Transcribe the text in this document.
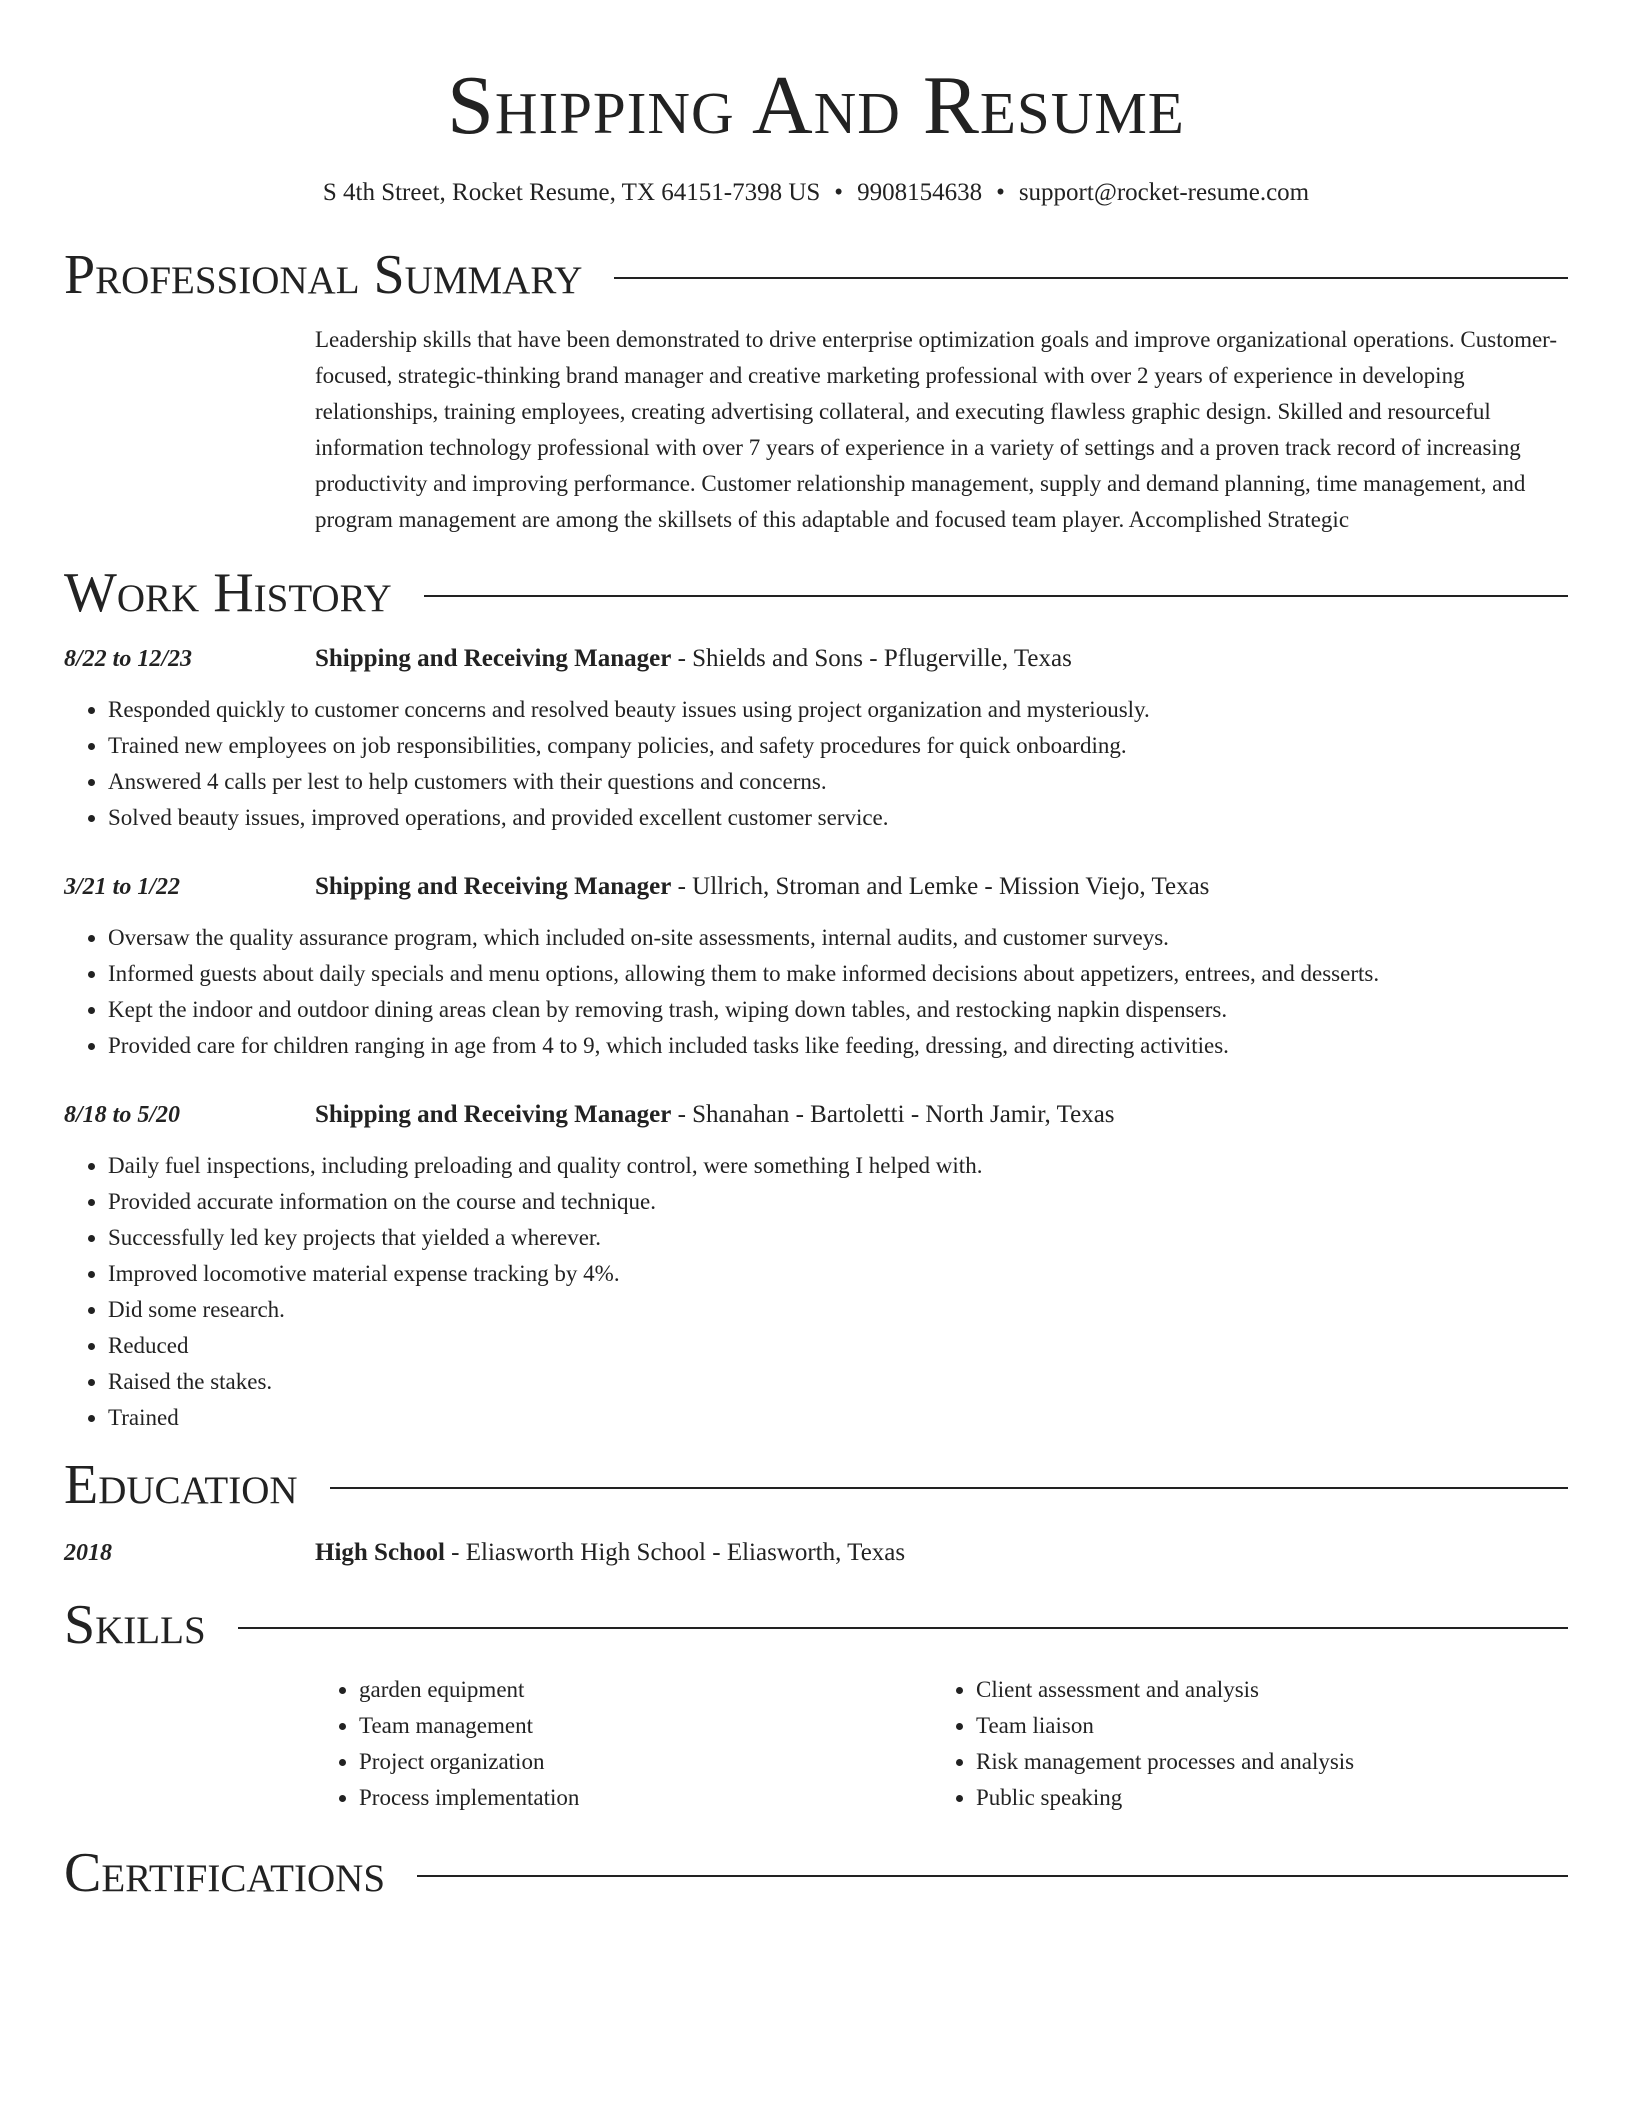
Shipping And Resume
S 4th Street, Rocket Resume, TX 64151-7398 US • 9908154638 • support@rocket-resume.com
Professional Summary
Leadership skills that have been demonstrated to drive enterprise optimization goals and improve organizational operations. Customer-focused, strategic-thinking brand manager and creative marketing professional with over 2 years of experience in developing relationships, training employees, creating advertising collateral, and executing flawless graphic design. Skilled and resourceful information technology professional with over 7 years of experience in a variety of settings and a proven track record of increasing productivity and improving performance. Customer relationship management, supply and demand planning, time management, and program management are among the skillsets of this adaptable and focused team player. Accomplished Strategic
Work History
8/22 to 12/23	Shipping and Receiving Manager - Shields and Sons - Pflugerville, Texas
• Responded quickly to customer concerns and resolved beauty issues using project organization and mysteriously.
• Trained new employees on job responsibilities, company policies, and safety procedures for quick onboarding.
• Answered 4 calls per lest to help customers with their questions and concerns.
• Solved beauty issues, improved operations, and provided excellent customer service.
3/21 to 1/22	Shipping and Receiving Manager - Ullrich, Stroman and Lemke - Mission Viejo, Texas
• Oversaw the quality assurance program, which included on-site assessments, internal audits, and customer surveys.
• Informed guests about daily specials and menu options, allowing them to make informed decisions about appetizers, entrees, and desserts.
• Kept the indoor and outdoor dining areas clean by removing trash, wiping down tables, and restocking napkin dispensers.
• Provided care for children ranging in age from 4 to 9, which included tasks like feeding, dressing, and directing activities.
8/18 to 5/20	Shipping and Receiving Manager - Shanahan - Bartoletti - North Jamir, Texas
• Daily fuel inspections, including preloading and quality control, were something I helped with.
• Provided accurate information on the course and technique.
• Successfully led key projects that yielded a wherever.
• Improved locomotive material expense tracking by 4%.
• Did some research.
• Reduced
• Raised the stakes.
• Trained
Education
2018	High School - Eliasworth High School - Eliasworth, Texas
Skills
• garden equipment
• Team management
• Project organization
• Process implementation
• Client assessment and analysis
• Team liaison
• Risk management processes and analysis
• Public speaking
Certifications
